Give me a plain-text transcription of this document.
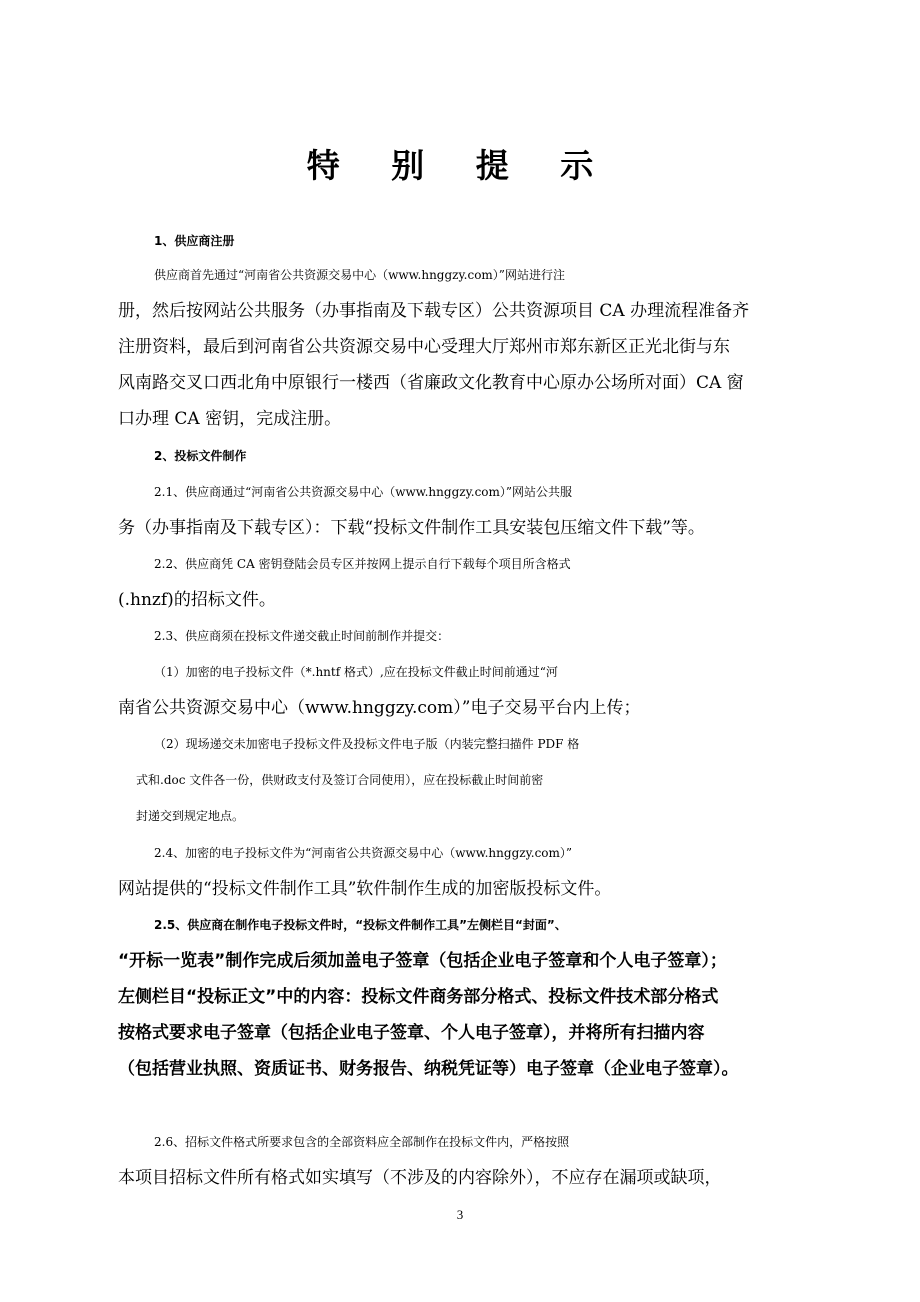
特 别 提 示
1、供应商注册
供应商首先通过“河南省公共资源交易中心（www.hnggzy.com）”网站进行注
册，然后按网站公共服务（办事指南及下载专区）公共资源项目 CA 办理流程准备齐
注册资料，最后到河南省公共资源交易中心受理大厅郑州市郑东新区正光北街与东
风南路交叉口西北角中原银行一楼西（省廉政文化教育中心原办公场所对面）CA 窗
口办理 CA 密钥，完成注册。
2、投标文件制作
2.1、供应商通过“河南省公共资源交易中心（www.hnggzy.com）”网站公共服
务（办事指南及下载专区）：下载“投标文件制作工具安装包压缩文件下载”等。
2.2、供应商凭 CA 密钥登陆会员专区并按网上提示自行下载每个项目所含格式
(.hnzf)的招标文件。
2.3、供应商须在投标文件递交截止时间前制作并提交：
（1）加密的电子投标文件（*.hntf 格式）,应在投标文件截止时间前通过“河
南省公共资源交易中心（www.hnggzy.com）”电子交易平台内上传；
（2）现场递交未加密电子投标文件及投标文件电子版（内装完整扫描件 PDF 格
式和.doc 文件各一份，供财政支付及签订合同使用），应在投标截止时间前密
封递交到规定地点。
2.4、加密的电子投标文件为“河南省公共资源交易中心（www.hnggzy.com）”
网站提供的“投标文件制作工具”软件制作生成的加密版投标文件。
2.5、供应商在制作电子投标文件时，“投标文件制作工具”左侧栏目“封面”、
“开标一览表”制作完成后须加盖电子签章（包括企业电子签章和个人电子签章）；
左侧栏目“投标正文”中的内容：投标文件商务部分格式、投标文件技术部分格式
按格式要求电子签章（包括企业电子签章、个人电子签章），并将所有扫描内容
（包括营业执照、资质证书、财务报告、纳税凭证等）电子签章（企业电子签章）。
2.6、招标文件格式所要求包含的全部资料应全部制作在投标文件内，严格按照
本项目招标文件所有格式如实填写（不涉及的内容除外），不应存在漏项或缺项，
3
